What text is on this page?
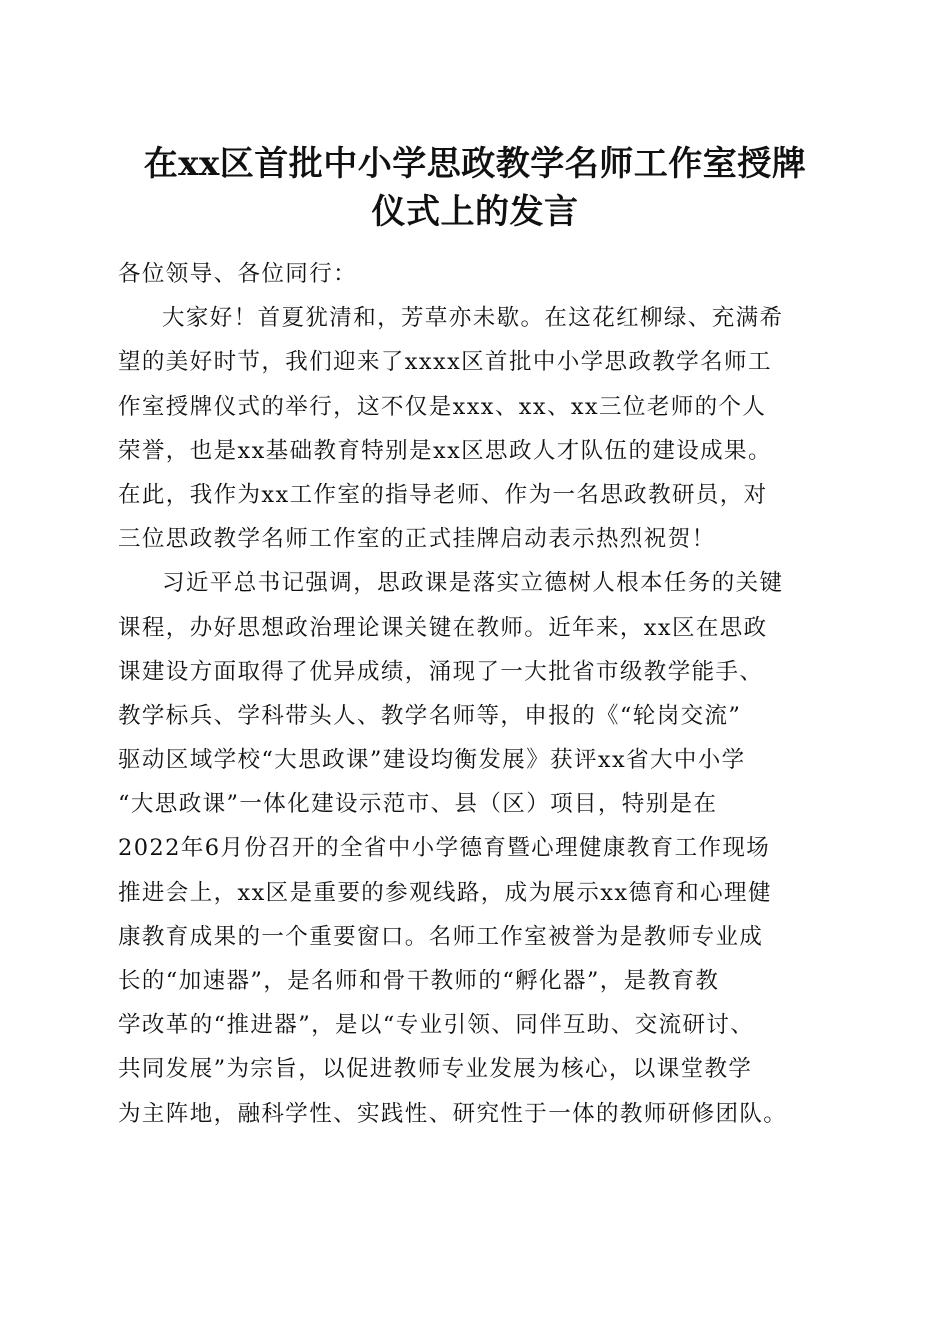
在xx区首批中小学思政教学名师工作室授牌
仪式上的发言
各位领导、各位同行：
大家好！首夏犹清和，芳草亦未歇。在这花红柳绿、充满希
望的美好时节，我们迎来了xxxx区首批中小学思政教学名师工
作室授牌仪式的举行，这不仅是xxx、xx、xx三位老师的个人
荣誉，也是xx基础教育特别是xx区思政人才队伍的建设成果。
在此，我作为xx工作室的指导老师、作为一名思政教研员，对
三位思政教学名师工作室的正式挂牌启动表示热烈祝贺！
习近平总书记强调，思政课是落实立德树人根本任务的关键
课程，办好思想政治理论课关键在教师。近年来，xx区在思政
课建设方面取得了优异成绩，涌现了一大批省市级教学能手、
教学标兵、学科带头人、教学名师等，申报的《“轮岗交流”
驱动区域学校“大思政课”建设均衡发展》获评xx省大中小学
“大思政课”一体化建设示范市、县（区）项目，特别是在
2022年6月份召开的全省中小学德育暨心理健康教育工作现场
推进会上，xx区是重要的参观线路，成为展示xx德育和心理健
康教育成果的一个重要窗口。名师工作室被誉为是教师专业成
长的“加速器”，是名师和骨干教师的“孵化器”，是教育教
学改革的“推进器”，是以“专业引领、同伴互助、交流研讨、
共同发展”为宗旨，以促进教师专业发展为核心，以课堂教学
为主阵地，融科学性、实践性、研究性于一体的教师研修团队。
